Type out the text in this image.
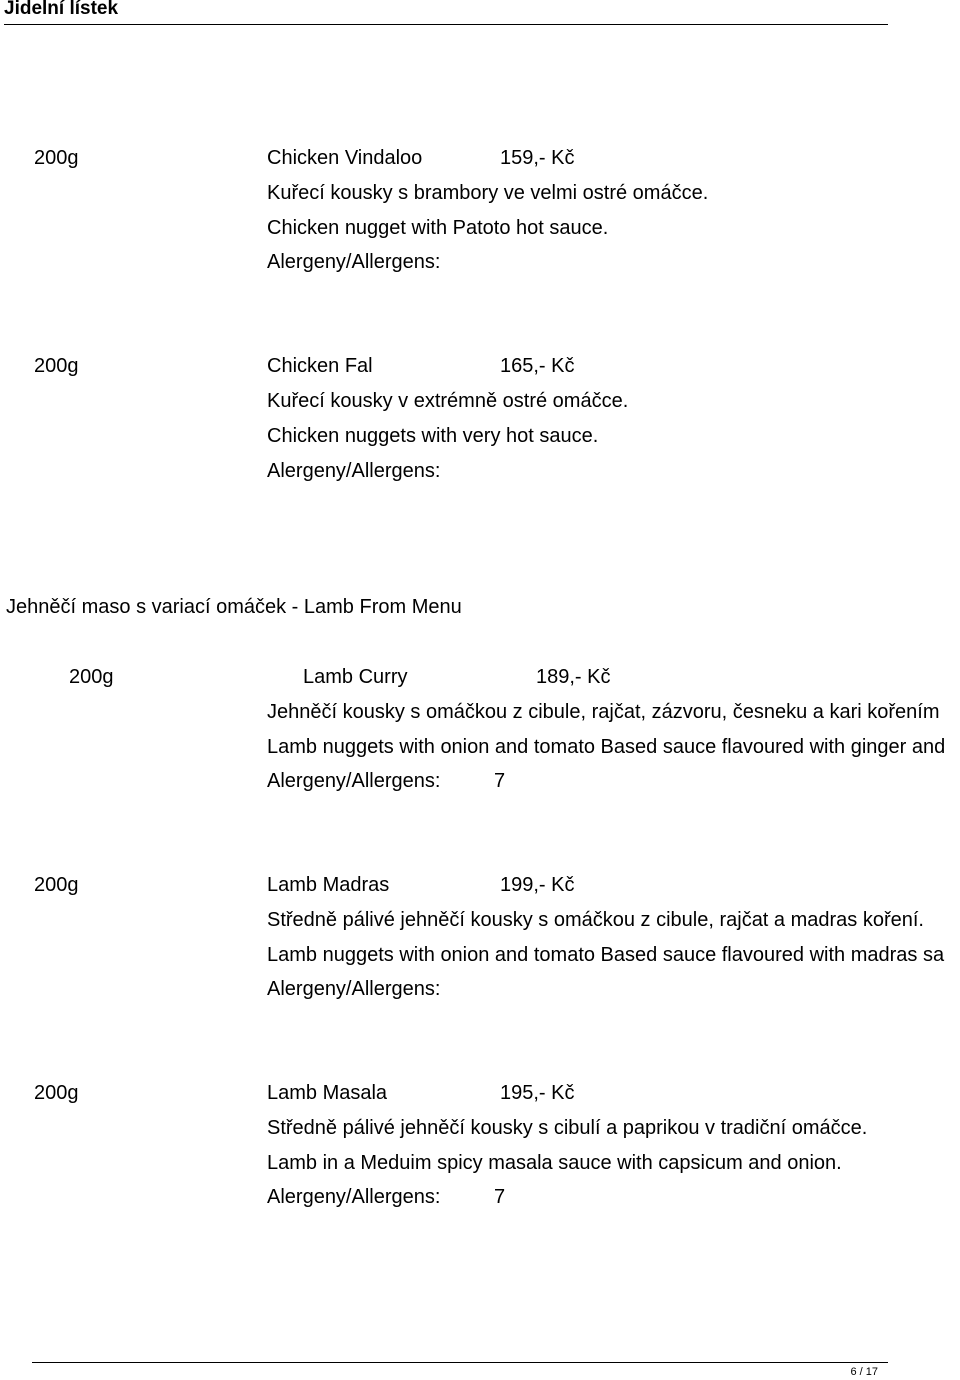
Jidelní lístek
200g	Chicken Vindaloo	159,- Kč
Kuřecí kousky s brambory ve velmi ostré omáčce.
Chicken nugget with Patoto hot sauce.
Alergeny/Allergens:
200g	Chicken Fal	165,- Kč
Kuřecí kousky v extrémně ostré omáčce.
Chicken nuggets with very hot sauce.
Alergeny/Allergens:
Jehněčí maso s variací omáček - Lamb From Menu
200g	Lamb Curry	189,- Kč
Jehněčí kousky s omáčkou z cibule, rajčat, zázvoru, česneku a kari kořením
Lamb nuggets with onion and tomato Based sauce flavoured with ginger and
Alergeny/Allergens:	7
200g	Lamb Madras	199,- Kč
Středně pálivé jehněčí kousky s omáčkou z cibule, rajčat a madras koření.
Lamb nuggets with onion and tomato Based sauce flavoured with madras sa
Alergeny/Allergens:
200g	Lamb Masala	195,- Kč
Středně pálivé jehněčí kousky s cibulí a paprikou v tradiční omáčce.
Lamb in a Meduim spicy masala sauce with capsicum and onion.
Alergeny/Allergens:	7
6 / 17
